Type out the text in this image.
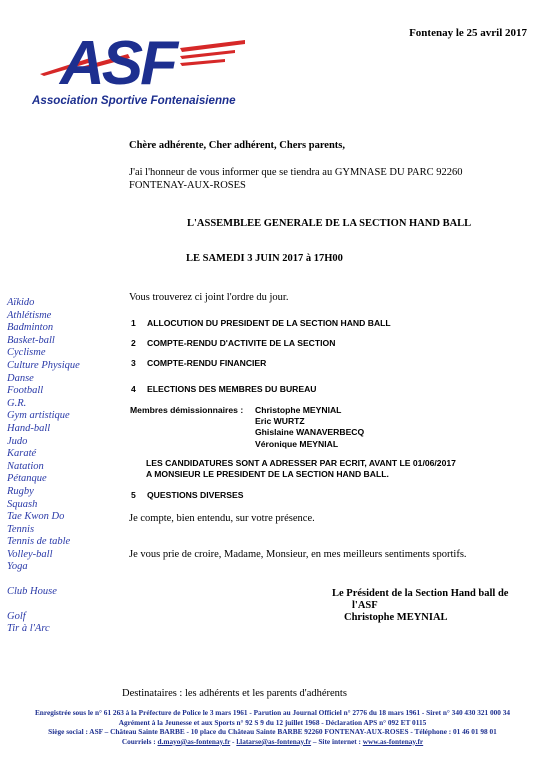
ASF
Association Sportive Fontenaisienne
Fontenay le 25 avril 2017
Aïkido
Athlétisme
Badminton
Basket-ball
Cyclisme
Culture Physique
Danse
Football
G.R.
Gym artistique
Hand-ball
Judo
Karaté
Natation
Pétanque
Rugby
Squash
Tae Kwon Do
Tennis
Tennis de table
Volley-ball
Yoga
Club House
Golf
Tir à l'Arc
Chère adhérente, Cher adhérent, Chers parents,
J'ai l'honneur de vous informer que se tiendra au GYMNASE DU PARC 92260 FONTENAY-AUX-ROSES
L'ASSEMBLEE GENERALE DE LA SECTION HAND BALL
LE SAMEDI 3 JUIN 2017 à 17H00
Vous trouverez ci joint l'ordre du jour.
1 ALLOCUTION DU PRESIDENT DE LA SECTION HAND BALL
2 COMPTE-RENDU D'ACTIVITE DE LA SECTION
3 COMPTE-RENDU FINANCIER
4 ELECTIONS DES MEMBRES DU BUREAU
Membres démissionnaires : Christophe MEYNIAL
Eric WURTZ
Ghislaine WANAVERBECQ
Véronique MEYNIAL
LES CANDIDATURES SONT A ADRESSER PAR ECRIT, AVANT LE 01/06/2017
A MONSIEUR LE PRESIDENT DE LA SECTION HAND BALL.
5 QUESTIONS DIVERSES
Je compte, bien entendu, sur votre présence.
Je vous prie de croire, Madame, Monsieur, en mes meilleurs sentiments sportifs.
Le Président de la Section Hand ball de
l'ASF
Christophe MEYNIAL
Destinataires : les adhérents et les parents d'adhérents
Enregistrée sous le n° 61 263 à la Préfecture de Police le 3 mars 1961 - Parution au Journal Officiel n° 2776 du 18 mars 1961 - Siret n° 340 430 321 000 34
Agrément à la Jeunesse et aux Sports n° 92 S 9 du 12 juillet 1968 - Déclaration APS n° 092 ET 0115
Siège social : ASF – Château Sainte BARBE - 10 place du Château Sainte BARBE 92260 FONTENAY-AUX-ROSES - Téléphone : 01 46 01 98 01
Courriels : d.mayo@as-fontenay.fr - l.latarse@as-fontenay.fr – Site internet : www.as-fontenay.fr
